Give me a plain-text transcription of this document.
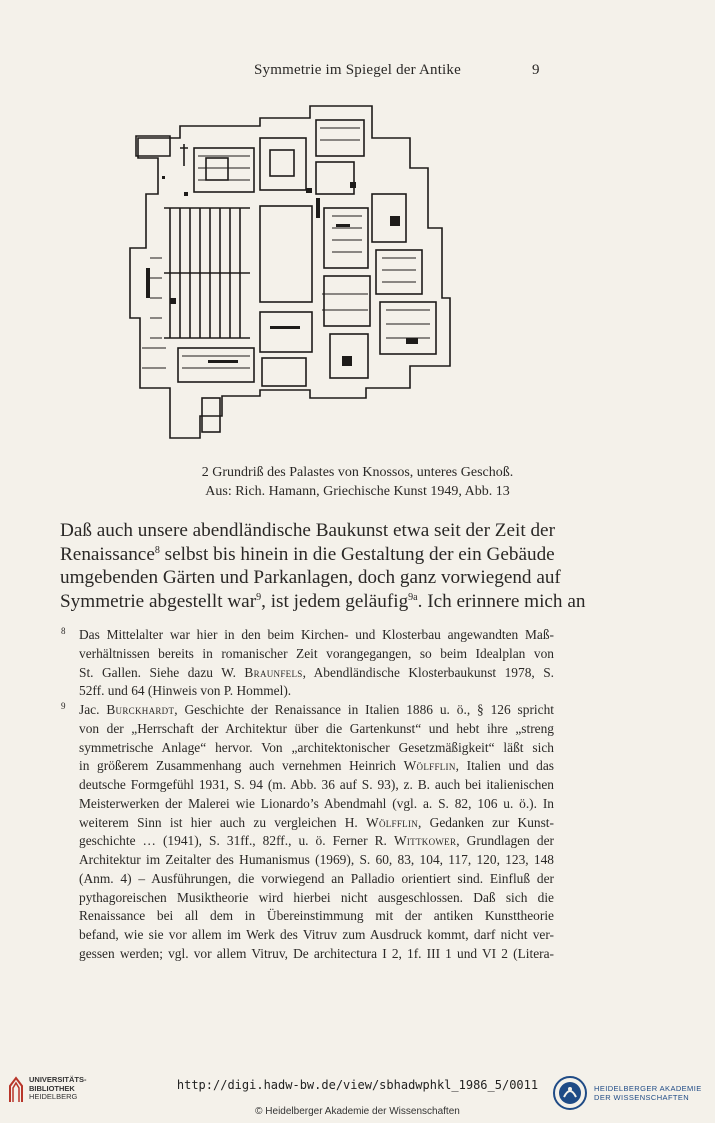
Symmetrie im Spiegel der Antike	9
2 Grundriß des Palastes von Knossos, unteres Geschoß.
Aus: Rich. Hamann, Griechische Kunst 1949, Abb. 13
Daß auch unsere abendländische Baukunst etwa seit der Zeit der
Renaissance$^8$ selbst bis hinein in die Gestaltung der ein Gebäude
umgebenden Gärten und Parkanlagen, doch ganz vorwiegend auf
Symmetrie abgestellt war$^9$, ist jedem geläufig$^{9a}$. Ich erinnere mich an
8 Das Mittelalter war hier in den beim Kirchen- und Klosterbau angewandten Maß-
verhältnissen bereits in romanischer Zeit vorangegangen, so beim Idealplan von
St. Gallen. Siehe dazu W. Braunfels, Abendländische Klosterbaukunst 1978, S.
52ff. und 64 (Hinweis von P. Hommel).
9 Jac. Burckhardt, Geschichte der Renaissance in Italien 1886 u. ö., § 126 spricht
von der „Herrschaft der Architektur über die Gartenkunst“ und hebt ihre „streng
symmetrische Anlage“ hervor. Von „architektonischer Gesetzmäßigkeit“ läßt sich
in größerem Zusammenhang auch vernehmen Heinrich Wölfflin, Italien und das
deutsche Formgefühl 1931, S. 94 (m. Abb. 36 auf S. 93), z. B. auch bei italienischen
Meisterwerken der Malerei wie Lionardo’s Abendmahl (vgl. a. S. 82, 106 u. ö.). In
weiterem Sinn ist hier auch zu vergleichen H. Wölfflin, Gedanken zur Kunst-
geschichte … (1941), S. 31ff., 82ff., u. ö. Ferner R. Wittkower, Grundlagen der
Architektur im Zeitalter des Humanismus (1969), S. 60, 83, 104, 117, 120, 123, 148
(Anm. 4) – Ausführungen, die vorwiegend an Palladio orientiert sind. Einfluß der
pythagoreischen Musiktheorie wird hierbei nicht ausgeschlossen. Daß sich die
Renaissance bei all dem in Übereinstimmung mit der antiken Kunsttheorie
befand, wie sie vor allem im Werk des Vitruv zum Ausdruck kommt, darf nicht ver-
gessen werden; vgl. vor allem Vitruv, De architectura I 2, 1f. III 1 und VI 2 (Litera-
UNIVERSITÄTS-
BIBLIOTHEK
HEIDELBERG
http://digi.hadw-bw.de/view/sbhadwphkl_1986_5/0011
© Heidelberger Akademie der Wissenschaften
HEIDELBERGER AKADEMIE
DER WISSENSCHAFTEN
